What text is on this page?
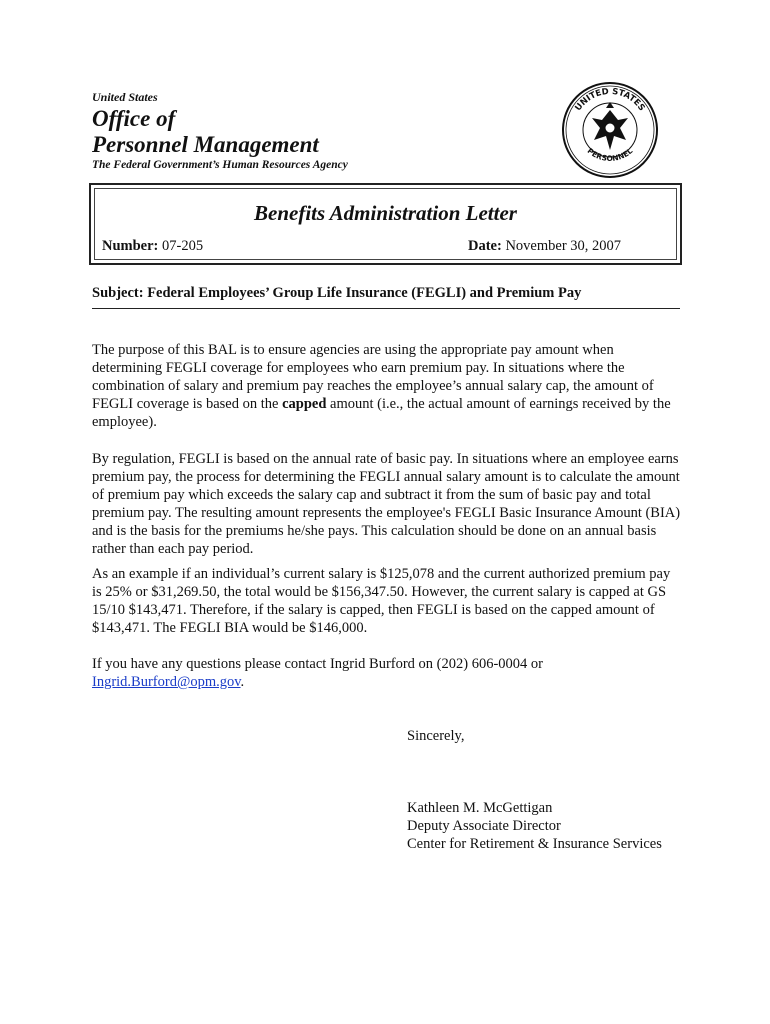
United States

Office of
Personnel Management

The Federal Government’s Human Resources Agency

UNITED STATES
PERSONNEL
Benefits Administration Letter
Number: 07-205	Date: November 30, 2007
Subject: Federal Employees’ Group Life Insurance (FEGLI) and Premium Pay

The purpose of this BAL is to ensure agencies are using the appropriate pay amount when determining FEGLI coverage for employees who earn premium pay. In situations where the combination of salary and premium pay reaches the employee’s annual salary cap, the amount of FEGLI coverage is based on the capped amount (i.e., the actual amount of earnings received by the employee).

By regulation, FEGLI is based on the annual rate of basic pay. In situations where an employee earns premium pay, the process for determining the FEGLI annual salary amount is to calculate the amount of premium pay which exceeds the salary cap and subtract it from the sum of basic pay and total premium pay. The resulting amount represents the employee's FEGLI Basic Insurance Amount (BIA) and is the basis for the premiums he/she pays. This calculation should be done on an annual basis rather than each pay period.

As an example if an individual’s current salary is $125,078 and the current authorized premium pay is 25% or $31,269.50, the total would be $156,347.50. However, the current salary is capped at GS 15/10 $143,471. Therefore, if the salary is capped, then FEGLI is based on the capped amount of $143,471. The FEGLI BIA would be $146,000.

If you have any questions please contact Ingrid Burford on (202) 606-0004 or
Ingrid.Burford@opm.gov.

Sincerely,
Kathleen M. McGettigan
Deputy Associate Director
Center for Retirement & Insurance Services
